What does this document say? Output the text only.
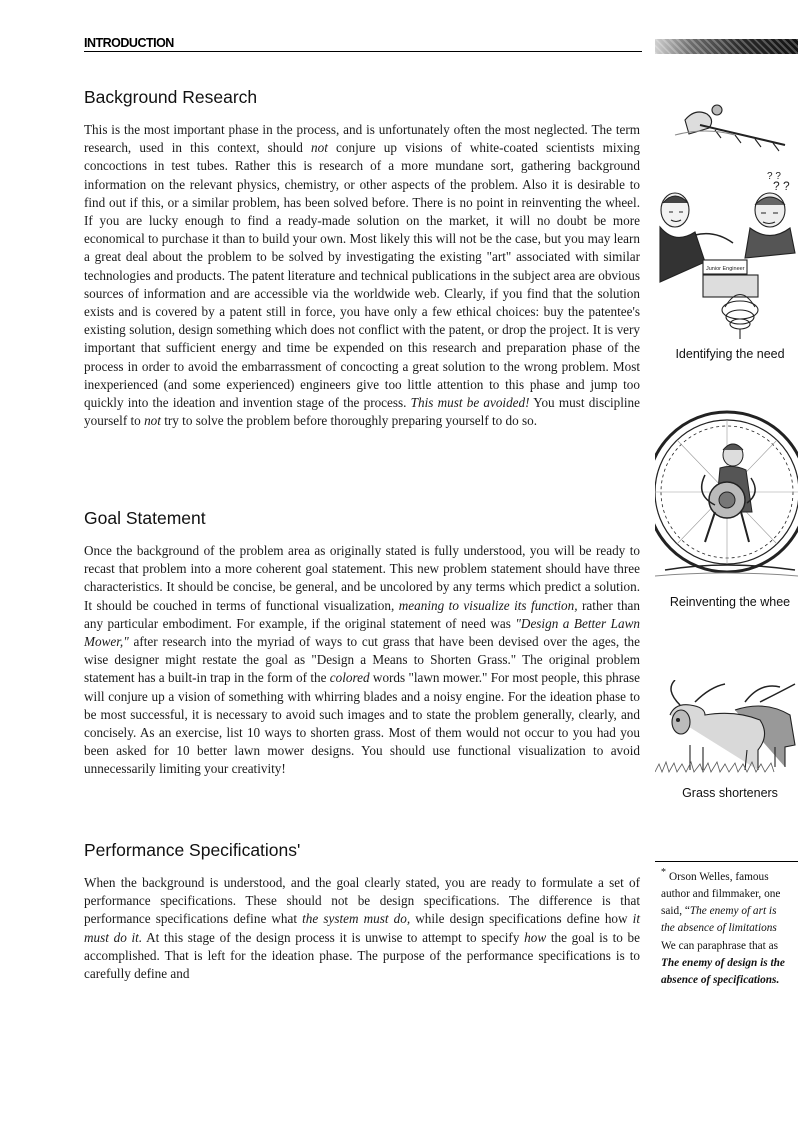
INTRODUCTION
Background Research

This is the most important phase in the process, and is unfortunately often the most neglected. The term research, used in this context, should not conjure up visions of white-coated scientists mixing concoctions in test tubes. Rather this is research of a more mundane sort, gathering background information on the relevant physics, chemistry, or other aspects of the problem. Also it is desirable to find out if this, or a similar problem, has been solved before. There is no point in reinventing the wheel. If you are lucky enough to find a ready-made solution on the market, it will no doubt be more economical to purchase it than to build your own. Most likely this will not be the case, but you may learn a great deal about the problem to be solved by investigating the existing "art" associated with similar technologies and products. The patent literature and technical publications in the subject area are obvious sources of information and are accessible via the worldwide web. Clearly, if you find that the solution exists and is covered by a patent still in force, you have only a few ethical choices: buy the patentee's existing solution, design something which does not conflict with the patent, or drop the project. It is very important that sufficient energy and time be expended on this research and preparation phase of the process in order to avoid the embarrassment of concocting a great solution to the wrong problem. Most inexperienced (and some experienced) engineers give too little attention to this phase and jump too quickly into the ideation and invention stage of the process. This must be avoided! You must discipline yourself to not try to solve the problem before thoroughly preparing yourself to do so.

Goal Statement

Once the background of the problem area as originally stated is fully understood, you will be ready to recast that problem into a more coherent goal statement. This new problem statement should have three characteristics. It should be concise, be general, and be uncolored by any terms which predict a solution. It should be couched in terms of functional visualization, meaning to visualize its function, rather than any particular embodiment. For example, if the original statement of need was "Design a Better Lawn Mower," after research into the myriad of ways to cut grass that have been devised over the ages, the wise designer might restate the goal as "Design a Means to Shorten Grass." The original problem statement has a built-in trap in the form of the colored words "lawn mower." For most people, this phrase will conjure up a vision of something with whirring blades and a noisy engine. For the ideation phase to be most successful, it is necessary to avoid such images and to state the problem generally, clearly, and concisely. As an exercise, list 10 ways to shorten grass. Most of them would not occur to you had you been asked for 10 better lawn mower designs. You should use functional visualization to avoid unnecessarily limiting your creativity!

Performance Specifications'

When the background is understood, and the goal clearly stated, you are ready to formulate a set of performance specifications. These should not be design specifications. The difference is that performance specifications define what the system must do, while design specifications define how it must do it. At this stage of the design process it is unwise to attempt to specify how the goal is to be accomplished. That is left for the ideation phase. The purpose of the performance specifications is to carefully define and

? ?
? ?
Junior Engineer
Identifying the need
Reinventing the whee
Grass shorteners
* Orson Welles, famous
author and filmmaker, one
said, “The enemy of art is
the absence of limitations
We can paraphrase that as
The enemy of design is the
absence of specifications.
